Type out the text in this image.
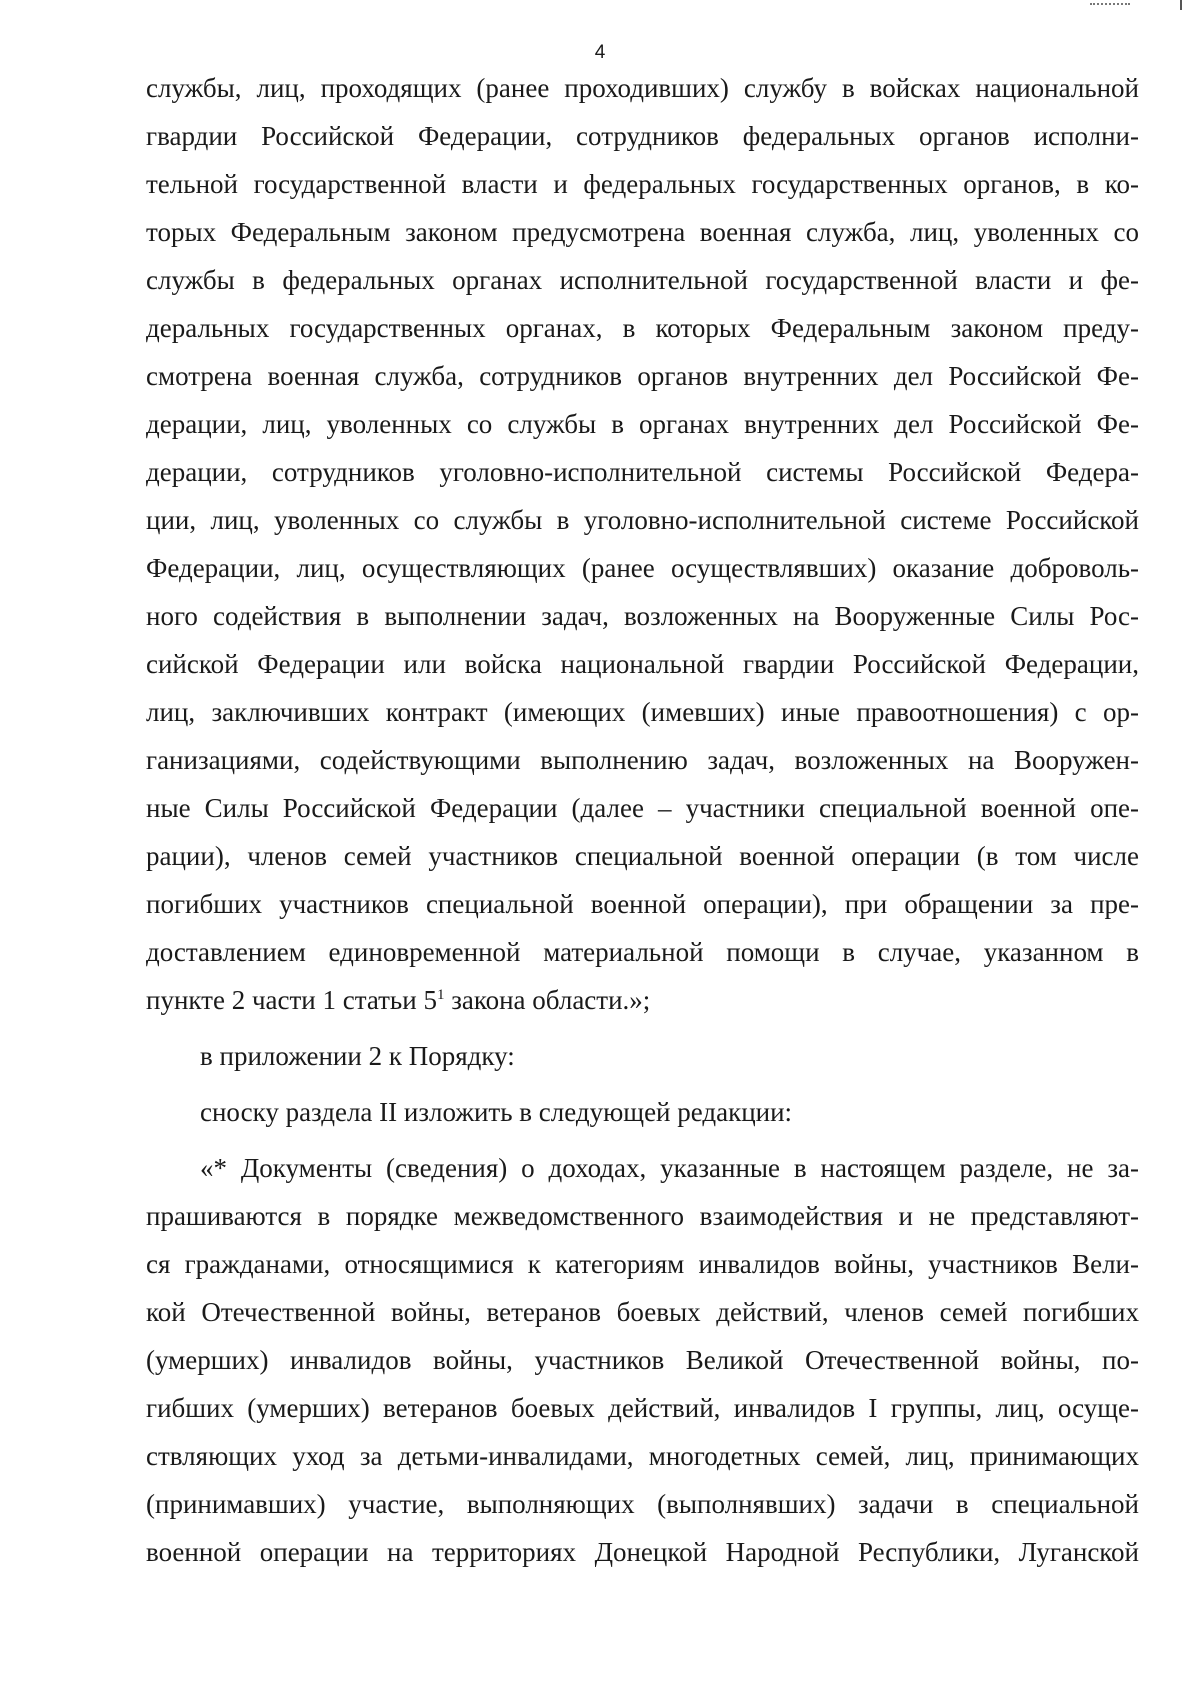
4
службы, лиц, проходящих (ранее проходивших) службу в войсках национальной
гвардии Российской Федерации, сотрудников федеральных органов исполни-
тельной государственной власти и федеральных государственных органов, в ко-
торых Федеральным законом предусмотрена военная служба, лиц, уволенных со
службы в федеральных органах исполнительной государственной власти и фе-
деральных государственных органах, в которых Федеральным законом преду-
смотрена военная служба, сотрудников органов внутренних дел Российской Фе-
дерации, лиц, уволенных со службы в органах внутренних дел Российской Фе-
дерации, сотрудников уголовно-исполнительной системы Российской Федера-
ции, лиц, уволенных со службы в уголовно-исполнительной системе Российской
Федерации, лиц, осуществляющих (ранее осуществлявших) оказание доброволь-
ного содействия в выполнении задач, возложенных на Вооруженные Силы Рос-
сийской Федерации или войска национальной гвардии Российской Федерации,
лиц, заключивших контракт (имеющих (имевших) иные правоотношения) с ор-
ганизациями, содействующими выполнению задач, возложенных на Вооружен-
ные Силы Российской Федерации (далее – участники специальной военной опе-
рации), членов семей участников специальной военной операции (в том числе
погибших участников специальной военной операции), при обращении за пре-
доставлением единовременной материальной помощи в случае, указанном в
пункте 2 части 1 статьи $5^1$ закона области.»;
в приложении 2 к Порядку:
сноску раздела II изложить в следующей редакции:
«* Документы (сведения) о доходах, указанные в настоящем разделе, не за-
прашиваются в порядке межведомственного взаимодействия и не представляют-
ся гражданами, относящимися к категориям инвалидов войны, участников Вели-
кой Отечественной войны, ветеранов боевых действий, членов семей погибших
(умерших) инвалидов войны, участников Великой Отечественной войны, по-
гибших (умерших) ветеранов боевых действий, инвалидов I группы, лиц, осуще-
ствляющих уход за детьми-инвалидами, многодетных семей, лиц, принимающих
(принимавших) участие, выполняющих (выполнявших) задачи в специальной
военной операции на территориях Донецкой Народной Республики, Луганской
